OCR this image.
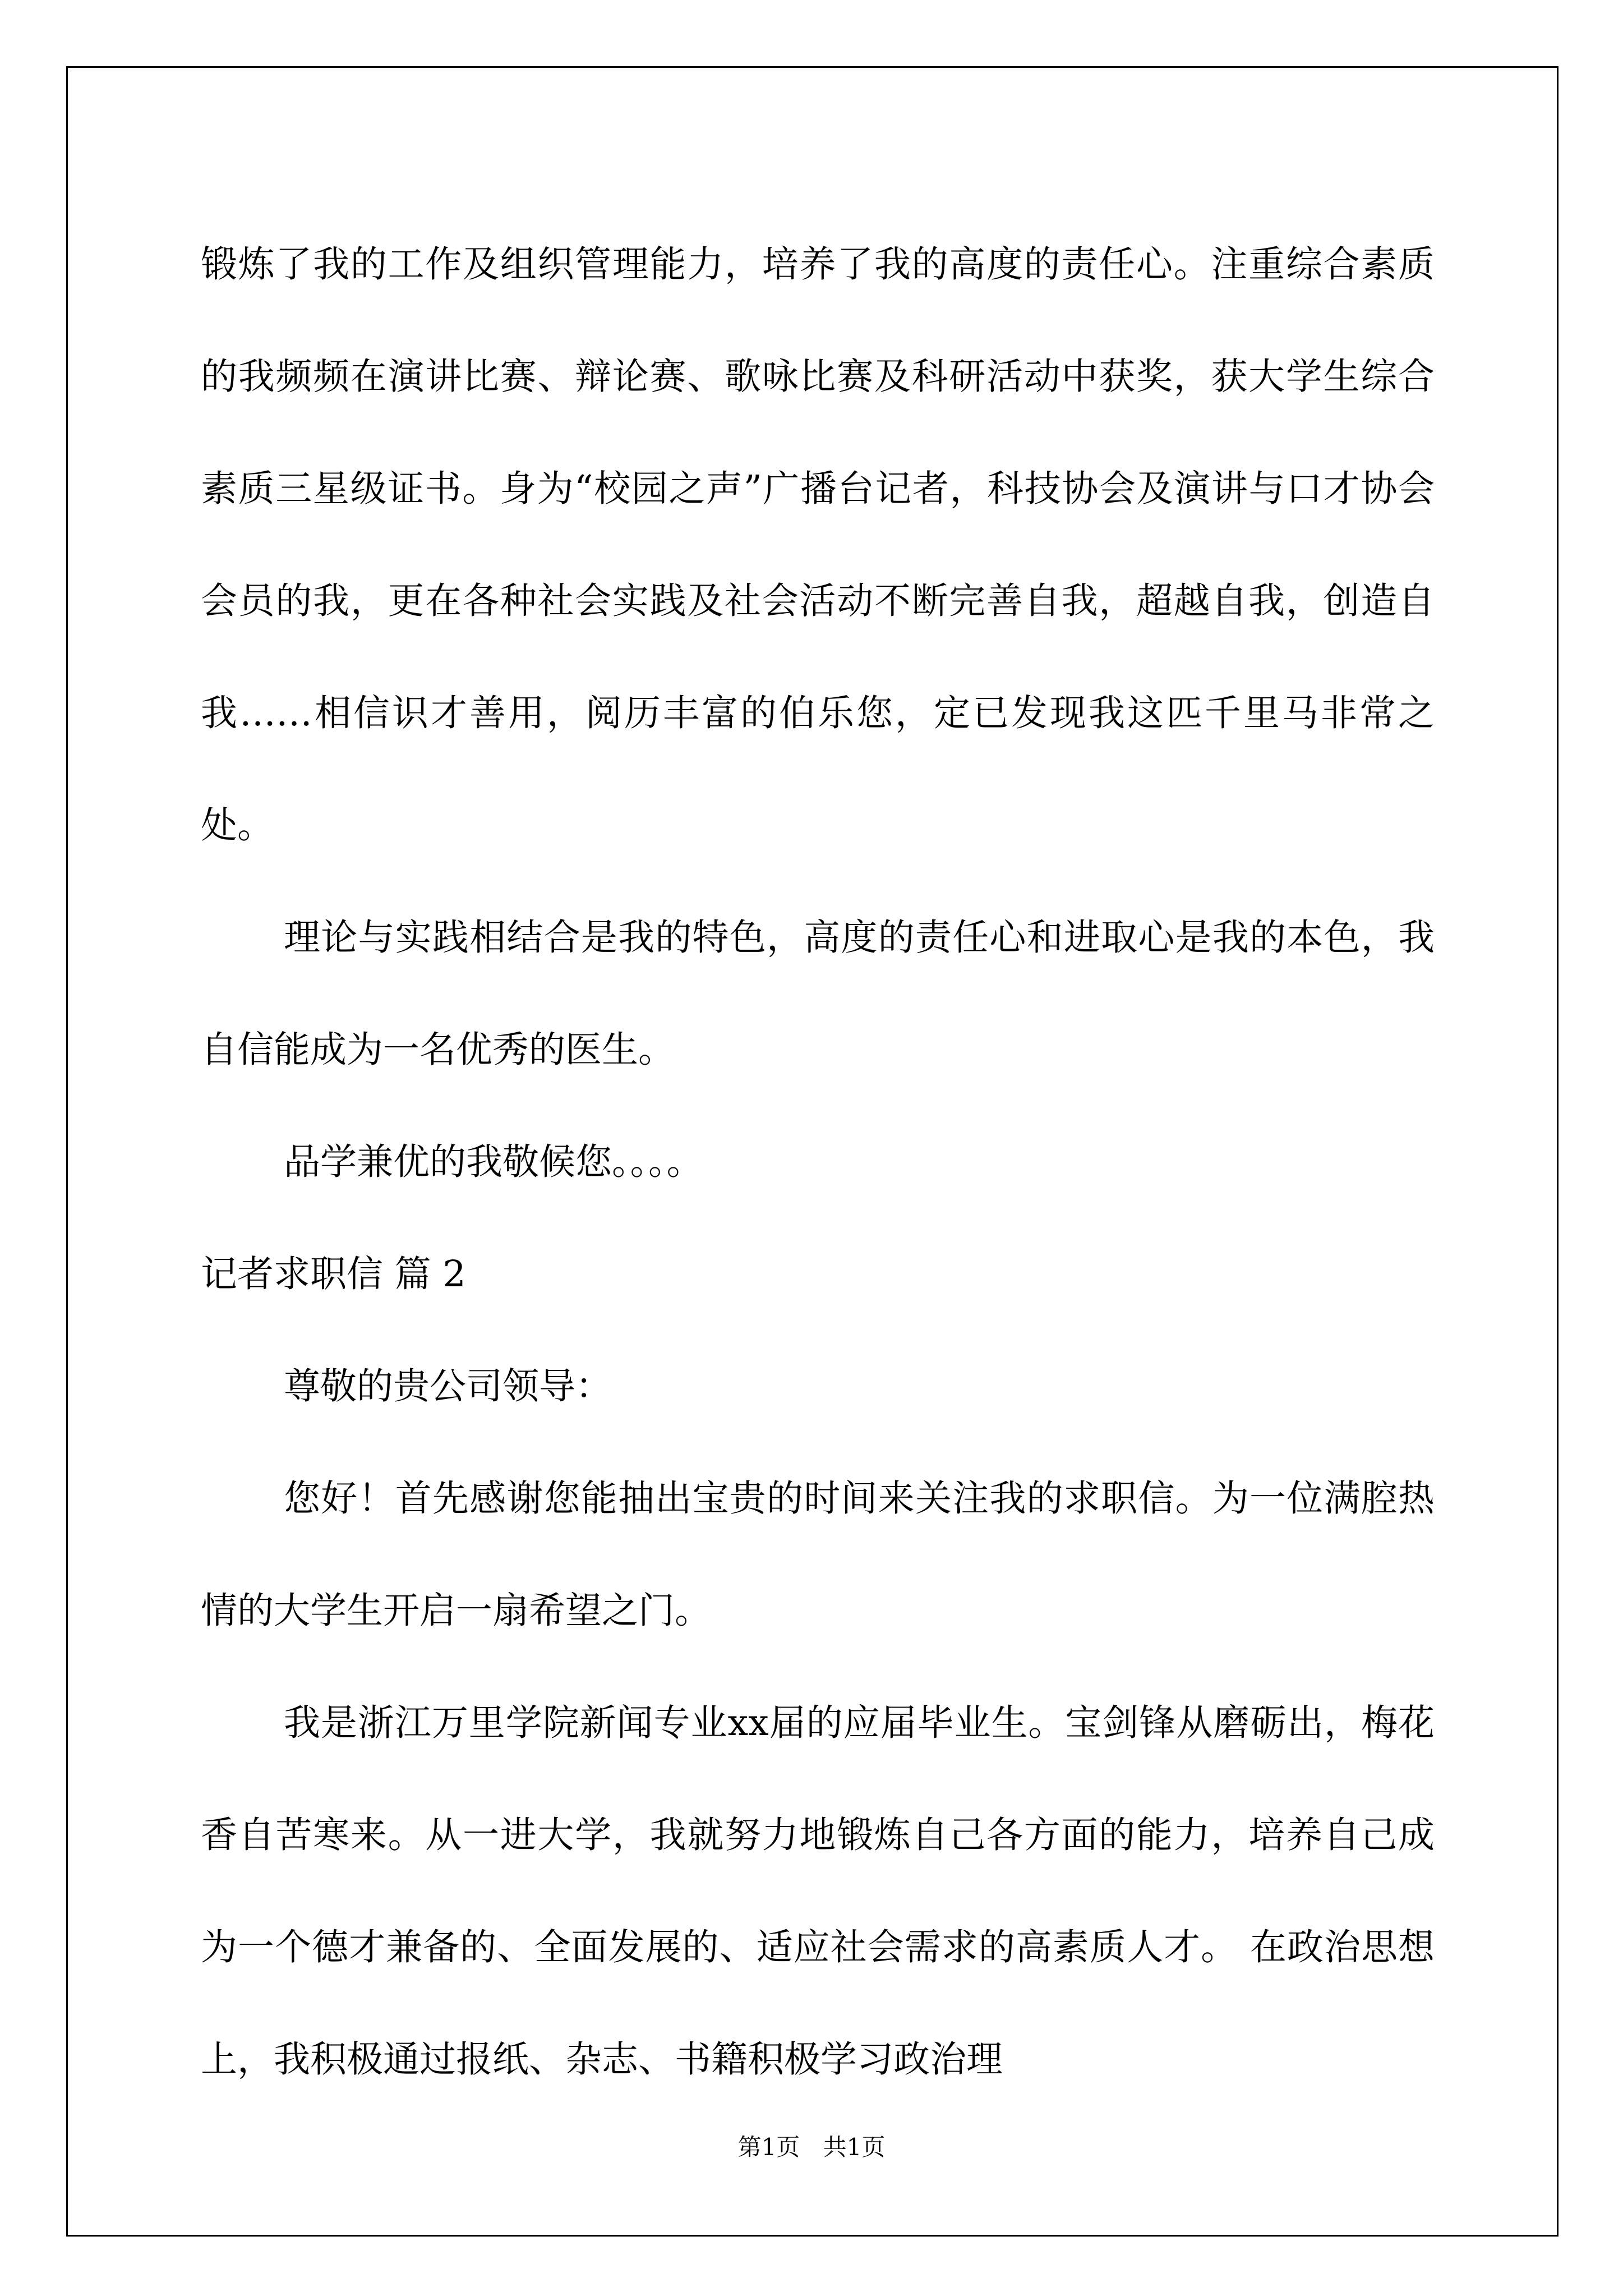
锻炼了我的工作及组织管理能力，培养了我的高度的责任心。注重综合素质的我频频在演讲比赛、辩论赛、歌咏比赛及科研活动中获奖，获大学生综合素质三星级证书。身为“校园之声”广播台记者，科技协会及演讲与口才协会会员的我，更在各种社会实践及社会活动不断完善自我，超越自我，创造自我……相信识才善用，阅历丰富的伯乐您，定已发现我这匹千里马非常之处。

理论与实践相结合是我的特色，高度的责任心和进取心是我的本色，我自信能成为一名优秀的医生。

品学兼优的我敬候您。。。。

记者求职信 篇 2

尊敬的贵公司领导：

您好！首先感谢您能抽出宝贵的时间来关注我的求职信。为一位满腔热情的大学生开启一扇希望之门。

我是浙江万里学院新闻专业xx届的应届毕业生。宝剑锋从磨砺出，梅花香自苦寒来。从一进大学，我就努力地锻炼自己各方面的能力，培养自己成为一个德才兼备的、全面发展的、适应社会需求的高素质人才。 在政治思想上，我积极通过报纸、杂志、书籍积极学习政治理

第1页 共1页
